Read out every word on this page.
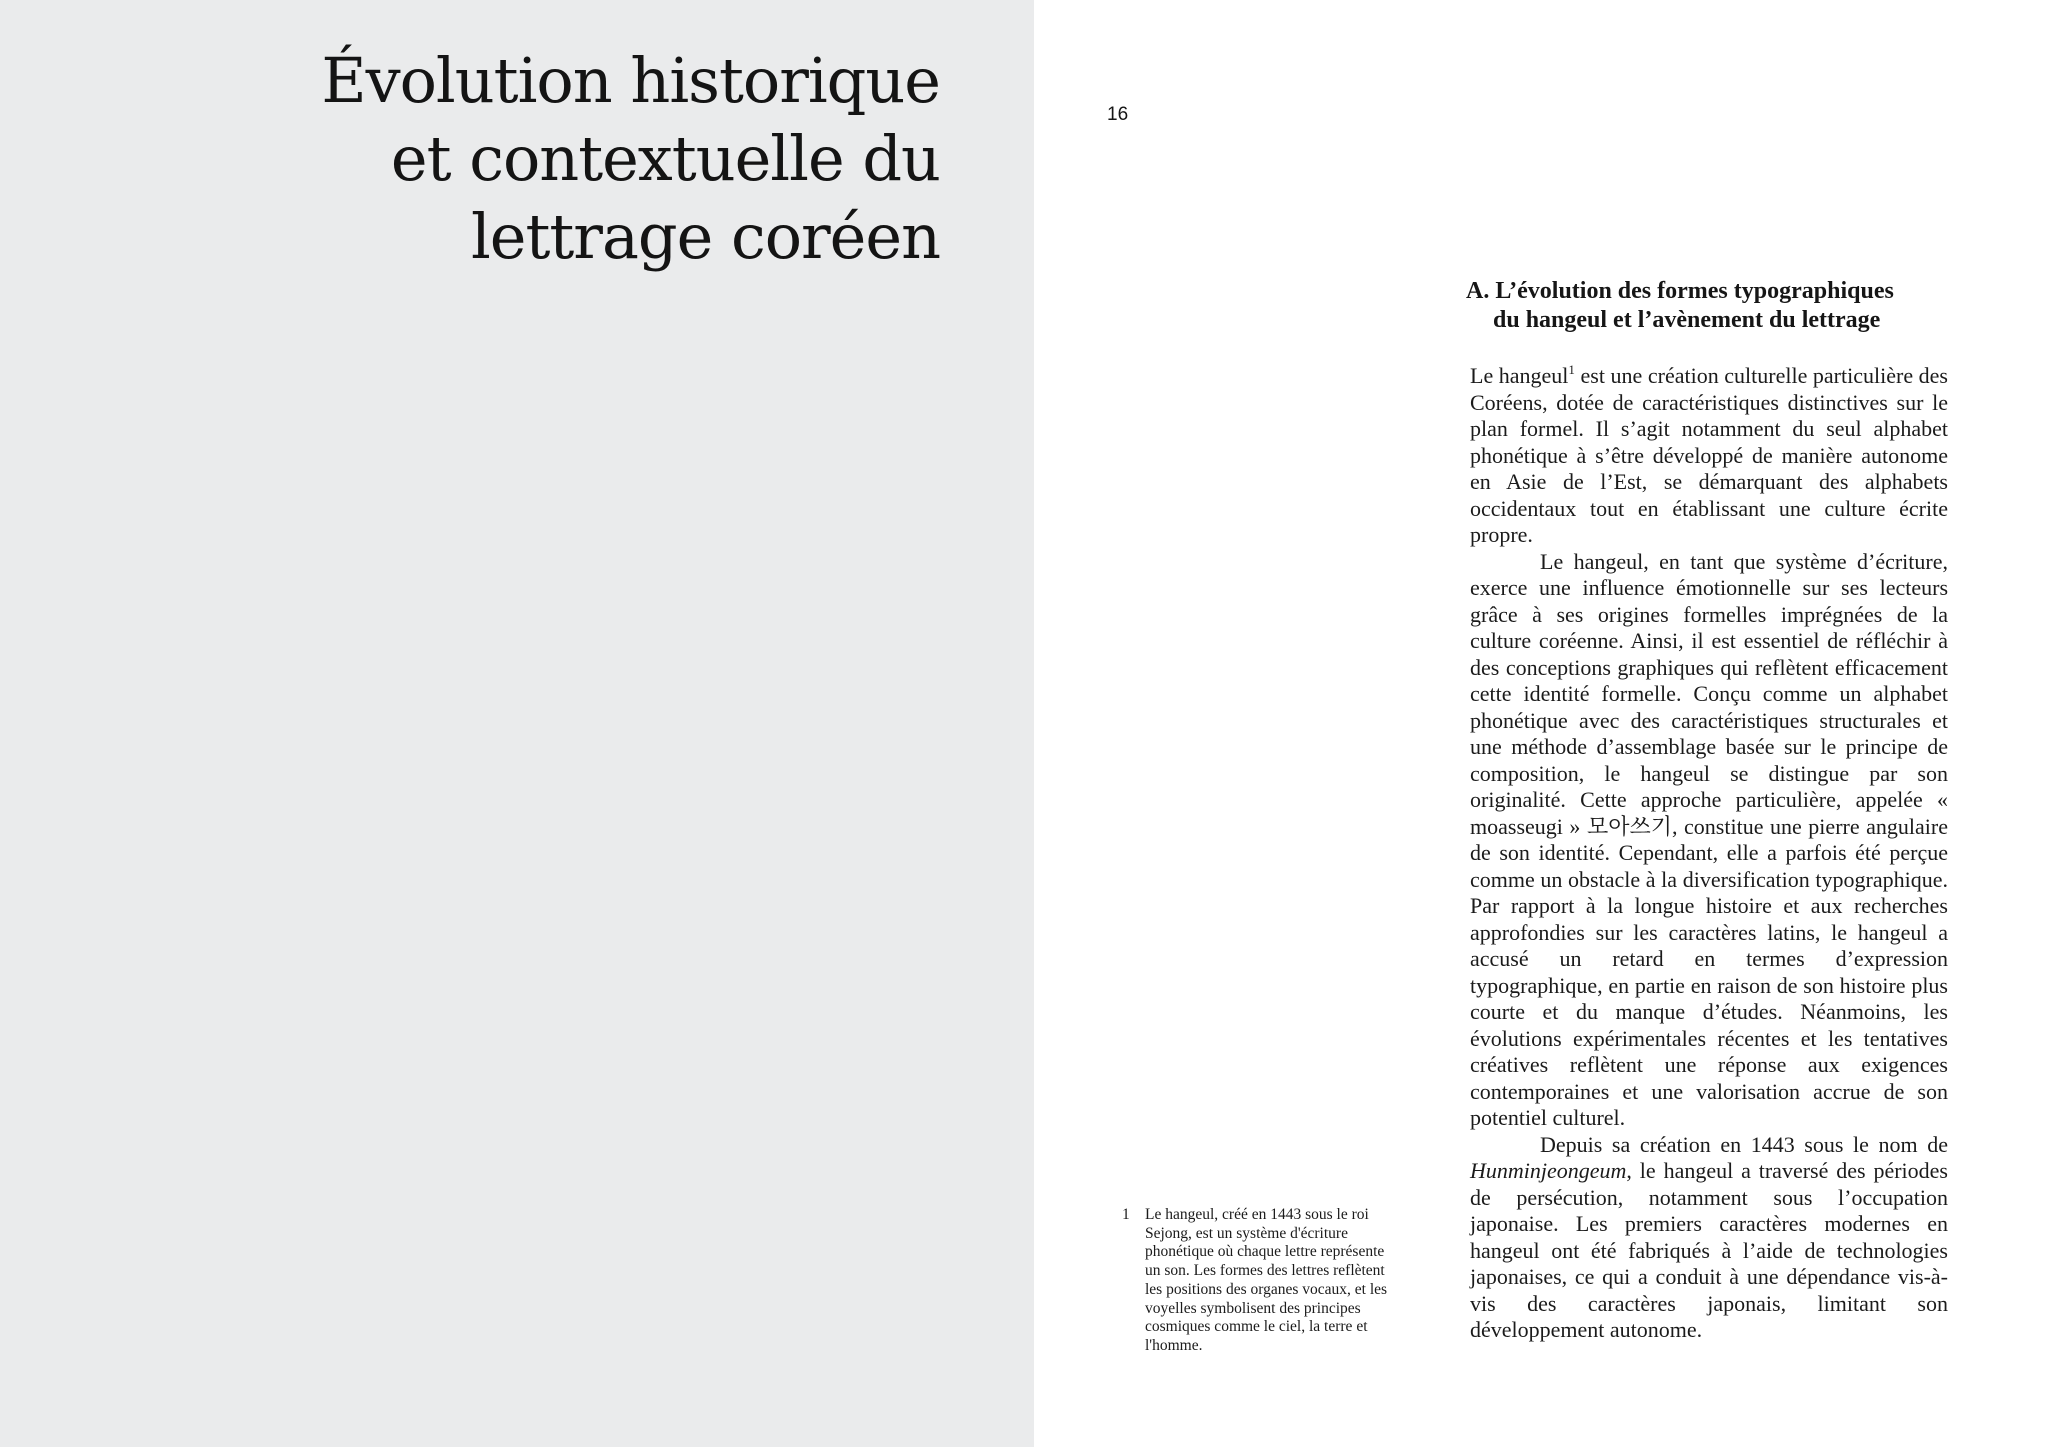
Évolution historique
et contextuelle du
lettrage coréen
16
A. L’évolution des formes typographiques
du hangeul et l’avènement du lettrage

Le hangeul$^1$ est une création culturelle particulière des Coréens, dotée de caractéristiques distinctives sur le plan formel. Il s’agit notamment du seul alphabet phonétique à s’être développé de manière autonome en Asie de l’Est, se démarquant des alphabets occidentaux tout en établissant une culture écrite propre.

Le hangeul, en tant que système d’écriture, exerce une influence émotionnelle sur ses lecteurs grâce à ses origines formelles imprégnées de la culture coréenne. Ainsi, il est essentiel de réfléchir à des conceptions graphiques qui reflètent efficacement cette identité formelle. Conçu comme un alphabet phonétique avec des caractéristiques structurales et une méthode d’assemblage basée sur le principe de composition, le hangeul se distingue par son originalité. Cette approche particulière, appelée « moasseugi » 모아쓰기, constitue une pierre angulaire de son identité. Cependant, elle a parfois été perçue comme un obstacle à la diversification typographique. Par rapport à la longue histoire et aux recherches approfondies sur les caractères latins, le hangeul a accusé un retard en termes d’expression typographique, en partie en raison de son histoire plus courte et du manque d’études. Néanmoins, les évolutions expérimentales récentes et les tentatives créatives reflètent une réponse aux exigences contemporaines et une valorisation accrue de son potentiel culturel.

Depuis sa création en 1443 sous le nom de Hunminjeongeum, le hangeul a traversé des périodes de persécution, notamment sous l’occupation japonaise. Les premiers caractères modernes en hangeul ont été fabriqués à l’aide de technologies japonaises, ce qui a conduit à une dépendance vis-à-vis des caractères japonais, limitant son développement autonome.

1 Le hangeul, créé en 1443 sous le roi Sejong, est un système d'écriture phonétique où chaque lettre représente un son. Les formes des lettres reflètent les positions des organes vocaux, et les voyelles symbolisent des principes cosmiques comme le ciel, la terre et l'homme.
